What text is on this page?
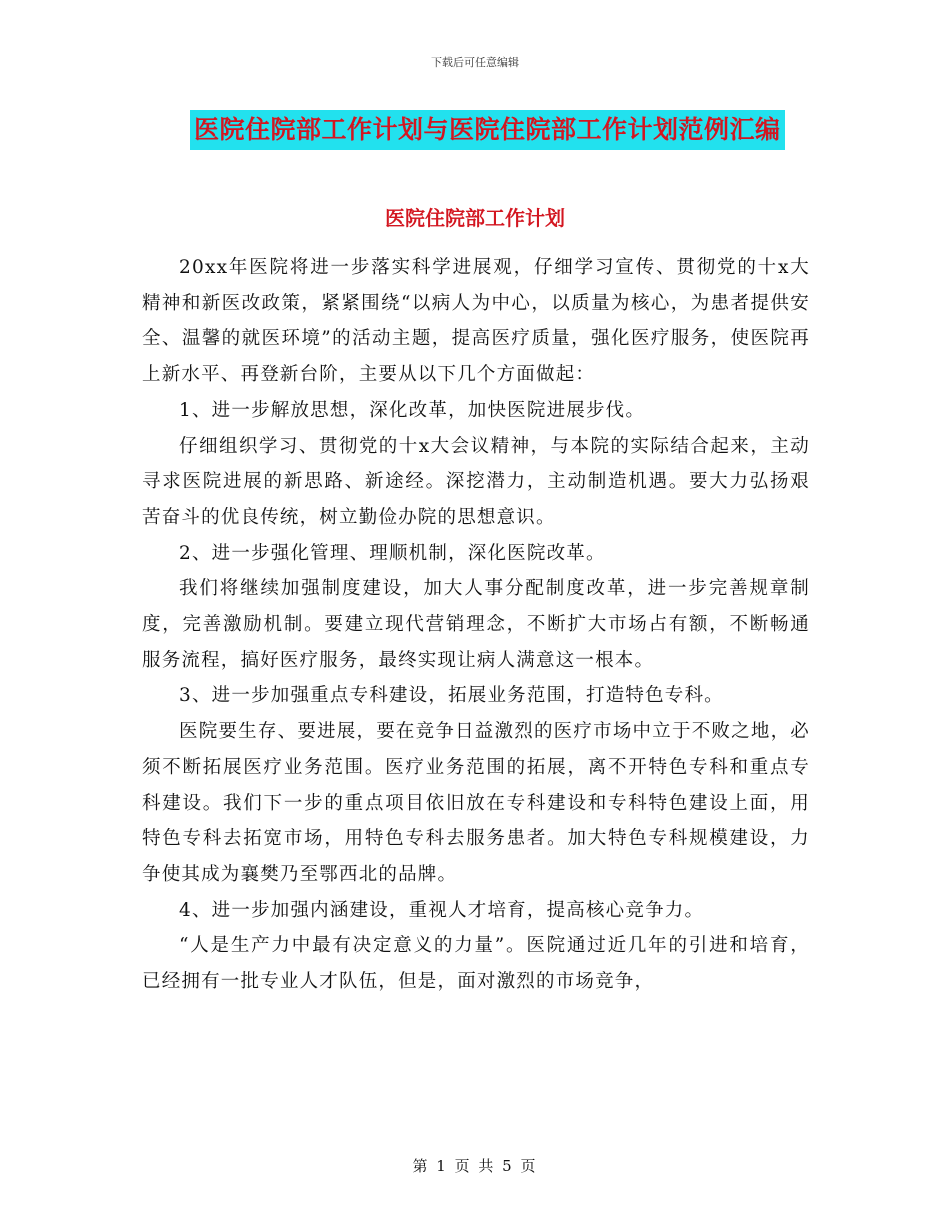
下载后可任意编辑
医院住院部工作计划与医院住院部工作计划范例汇编
医院住院部工作计划

20xx年医院将进一步落实科学进展观，仔细学习宣传、贯彻党的十x大精神和新医改政策，紧紧围绕“以病人为中心，以质量为核心，为患者提供安全、温馨的就医环境”的活动主题，提高医疗质量，强化医疗服务，使医院再上新水平、再登新台阶，主要从以下几个方面做起：

1、进一步解放思想，深化改革，加快医院进展步伐。

仔细组织学习、贯彻党的十x大会议精神，与本院的实际结合起来，主动寻求医院进展的新思路、新途经。深挖潜力，主动制造机遇。要大力弘扬艰苦奋斗的优良传统，树立勤俭办院的思想意识。

2、进一步强化管理、理顺机制，深化医院改革。

我们将继续加强制度建设，加大人事分配制度改革，进一步完善规章制度，完善激励机制。要建立现代营销理念，不断扩大市场占有额，不断畅通服务流程，搞好医疗服务，最终实现让病人满意这一根本。

3、进一步加强重点专科建设，拓展业务范围，打造特色专科。

医院要生存、要进展，要在竞争日益激烈的医疗市场中立于不败之地，必须不断拓展医疗业务范围。医疗业务范围的拓展，离不开特色专科和重点专科建设。我们下一步的重点项目依旧放在专科建设和专科特色建设上面，用特色专科去拓宽市场，用特色专科去服务患者。加大特色专科规模建设，力争使其成为襄樊乃至鄂西北的品牌。

4、进一步加强内涵建设，重视人才培育，提高核心竞争力。

“人是生产力中最有决定意义的力量”。医院通过近几年的引进和培育，已经拥有一批专业人才队伍，但是，面对激烈的市场竞争，

第 1 页 共 5 页
